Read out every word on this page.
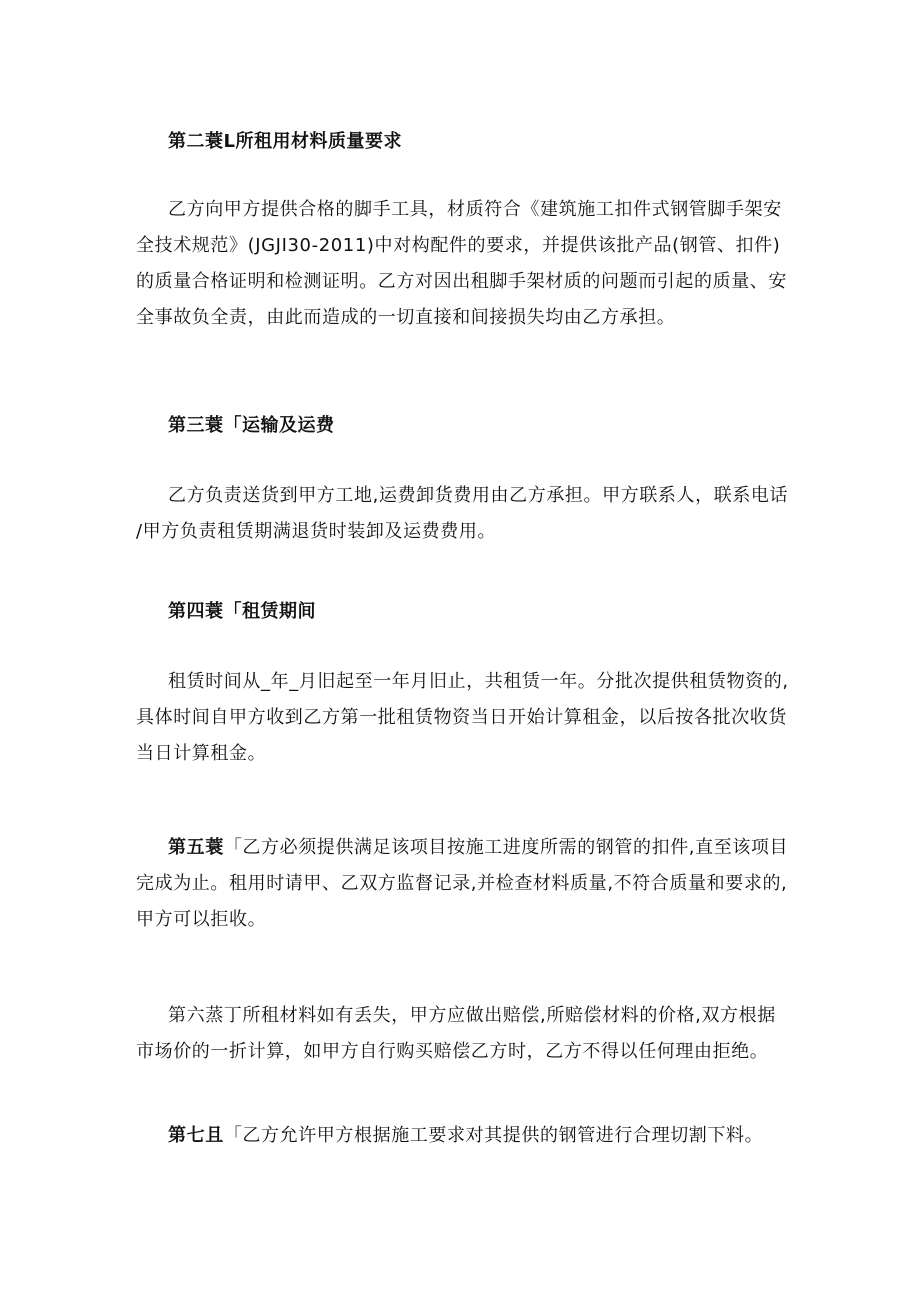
第二蓑L所租用材料质量要求
乙方向甲方提供合格的脚手工具，材质符合《建筑施工扣件式钢管脚手架安
全技术规范》(JGJI30-2011)中对构配件的要求，并提供该批产品(钢管、扣件)
的质量合格证明和检测证明。乙方对因出租脚手架材质的问题而引起的质量、安
全事故负全责，由此而造成的一切直接和间接损失均由乙方承担。
第三蓑「运输及运费
乙方负责送货到甲方工地,运费卸货费用由乙方承担。甲方联系人，联系电话
/甲方负责租赁期满退货时装卸及运费费用。
第四蓑「租赁期间
租赁时间从_年_月旧起至一年月旧止，共租赁一年。分批次提供租赁物资的,
具体时间自甲方收到乙方第一批租赁物资当日开始计算租金，以后按各批次收货
当日计算租金。
第五蓑「乙方必须提供满足该项目按施工进度所需的钢管的扣件,直至该项目
完成为止。租用时请甲、乙双方监督记录,并检查材料质量,不符合质量和要求的,
甲方可以拒收。
第六蒸丁所租材料如有丢失，甲方应做出赔偿,所赔偿材料的价格,双方根据
市场价的一折计算，如甲方自行购买赔偿乙方时，乙方不得以任何理由拒绝。
第七且「乙方允许甲方根据施工要求对其提供的钢管进行合理切割下料。
